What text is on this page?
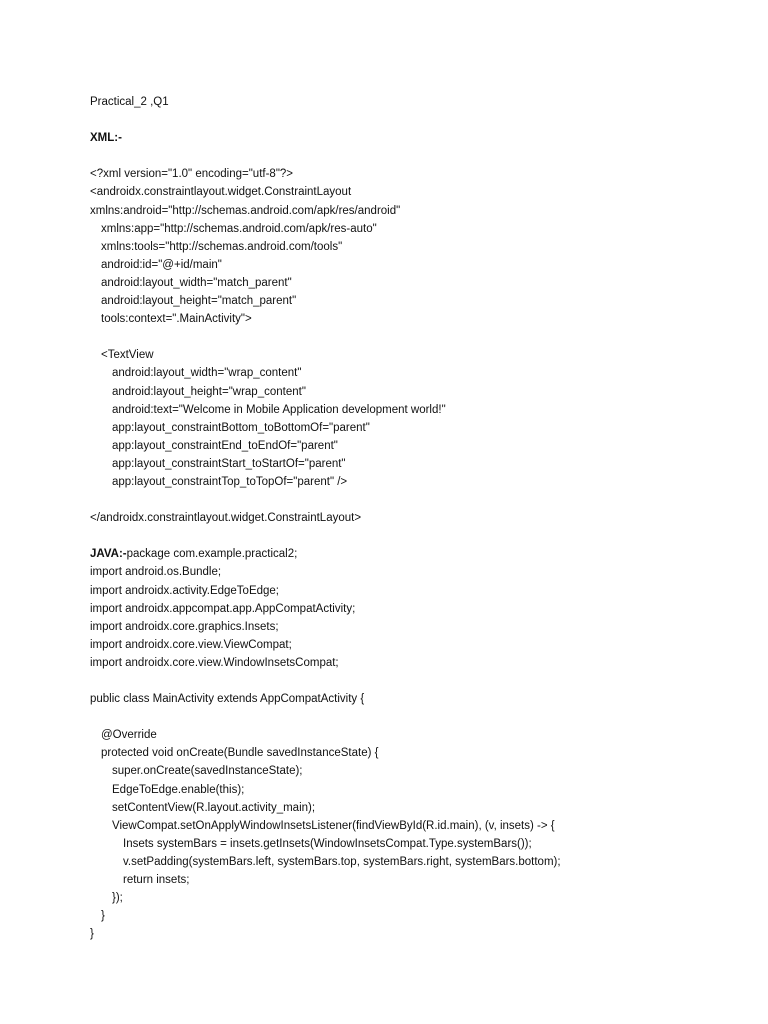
Practical_2 ,Q1
XML:-
<?xml version="1.0" encoding="utf-8"?>
<androidx.constraintlayout.widget.ConstraintLayout
xmlns:android="http://schemas.android.com/apk/res/android"
xmlns:app="http://schemas.android.com/apk/res-auto"
xmlns:tools="http://schemas.android.com/tools"
android:id="@+id/main"
android:layout_width="match_parent"
android:layout_height="match_parent"
tools:context=".MainActivity">
<TextView
android:layout_width="wrap_content"
android:layout_height="wrap_content"
android:text="Welcome in Mobile Application development world!"
app:layout_constraintBottom_toBottomOf="parent"
app:layout_constraintEnd_toEndOf="parent"
app:layout_constraintStart_toStartOf="parent"
app:layout_constraintTop_toTopOf="parent" />
</androidx.constraintlayout.widget.ConstraintLayout>
JAVA:-package com.example.practical2;
import android.os.Bundle;
import androidx.activity.EdgeToEdge;
import androidx.appcompat.app.AppCompatActivity;
import androidx.core.graphics.Insets;
import androidx.core.view.ViewCompat;
import androidx.core.view.WindowInsetsCompat;
public class MainActivity extends AppCompatActivity {
@Override
protected void onCreate(Bundle savedInstanceState) {
super.onCreate(savedInstanceState);
EdgeToEdge.enable(this);
setContentView(R.layout.activity_main);
ViewCompat.setOnApplyWindowInsetsListener(findViewById(R.id.main), (v, insets) -> {
Insets systemBars = insets.getInsets(WindowInsetsCompat.Type.systemBars());
v.setPadding(systemBars.left, systemBars.top, systemBars.right, systemBars.bottom);
return insets;
});
}
}
